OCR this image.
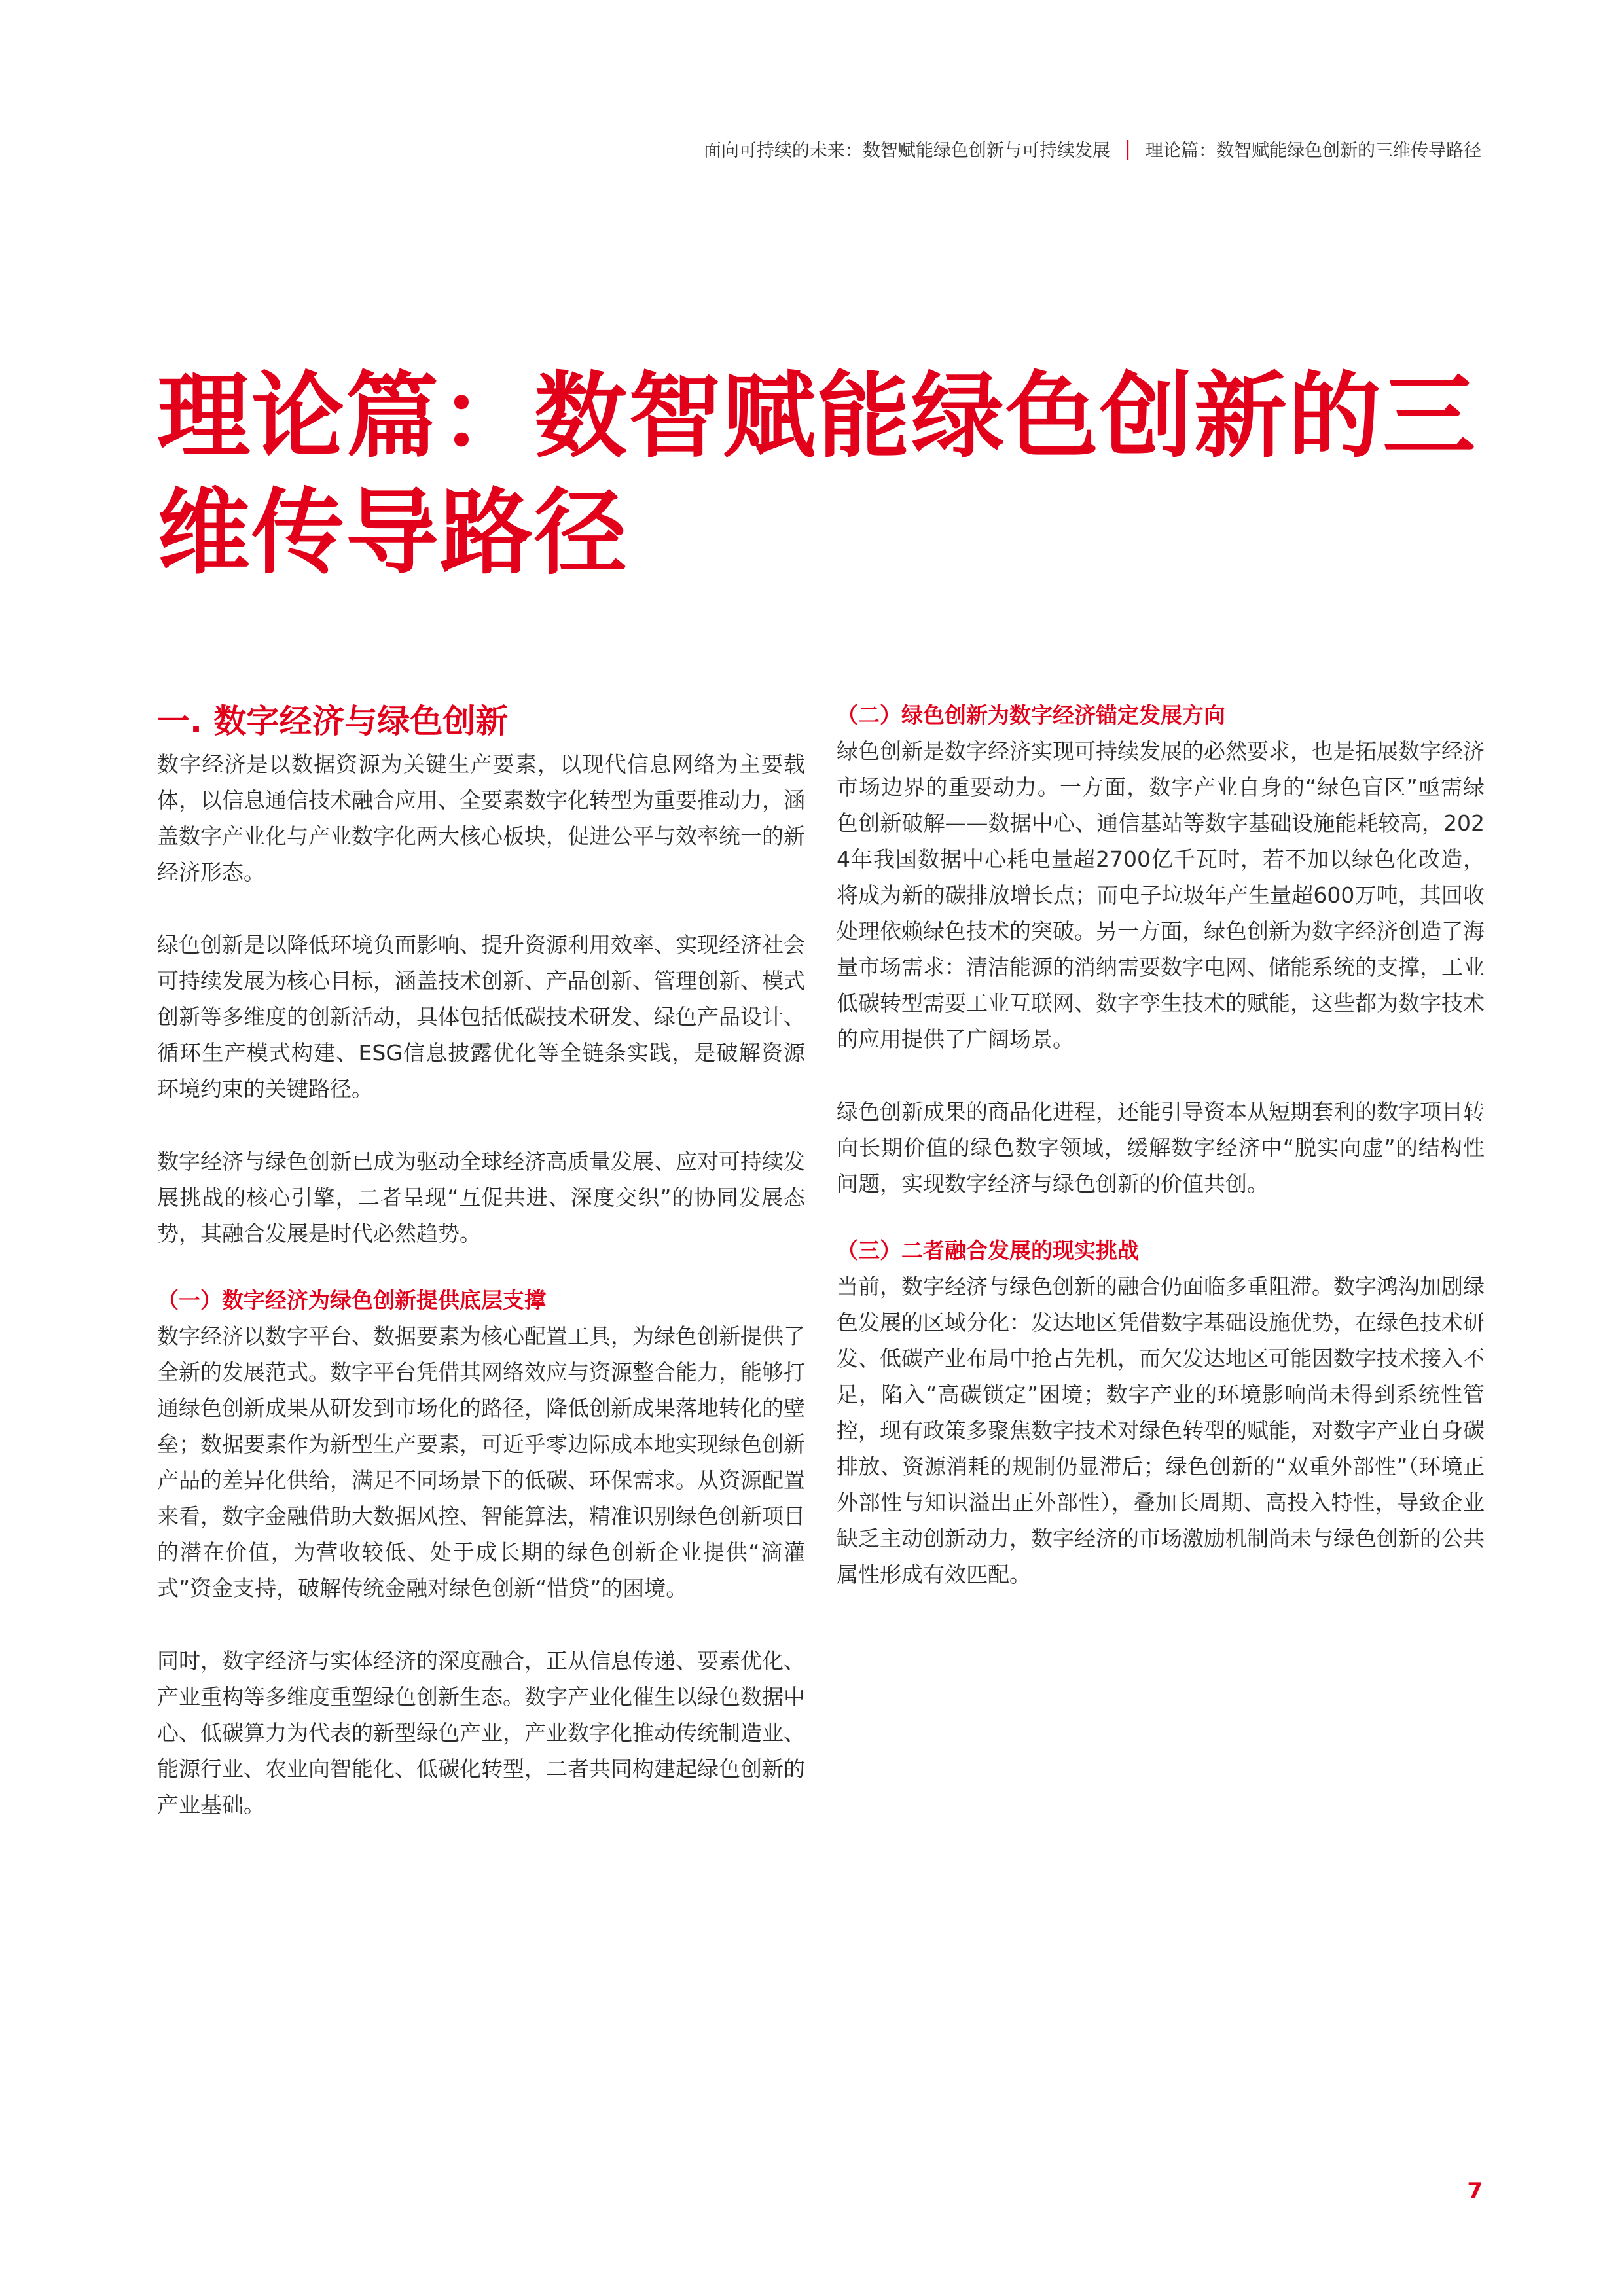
面向可持续的未来：数智赋能绿色创新与可持续发展 | 理论篇：数智赋能绿色创新的三维传导路径
理论篇：数智赋能绿色创新的三维传导路径
一. 数字经济与绿色创新

数字经济是以数据资源为关键生产要素，以现代信息网络为主要载体，以信息通信技术融合应用、全要素数字化转型为重要推动力，涵盖数字产业化与产业数字化两大核心板块，促进公平与效率统一的新经济形态。

绿色创新是以降低环境负面影响、提升资源利用效率、实现经济社会可持续发展为核心目标，涵盖技术创新、产品创新、管理创新、模式创新等多维度的创新活动，具体包括低碳技术研发、绿色产品设计、循环生产模式构建、ESG信息披露优化等全链条实践，是破解资源环境约束的关键路径。

数字经济与绿色创新已成为驱动全球经济高质量发展、应对可持续发展挑战的核心引擎，二者呈现“互促共进、深度交织”的协同发展态势，其融合发展是时代必然趋势。

（一）数字经济为绿色创新提供底层支撑

数字经济以数字平台、数据要素为核心配置工具，为绿色创新提供了全新的发展范式。数字平台凭借其网络效应与资源整合能力，能够打通绿色创新成果从研发到市场化的路径，降低创新成果落地转化的壁垒；数据要素作为新型生产要素，可近乎零边际成本地实现绿色创新产品的差异化供给，满足不同场景下的低碳、环保需求。从资源配置来看，数字金融借助大数据风控、智能算法，精准识别绿色创新项目的潜在价值，为营收较低、处于成长期的绿色创新企业提供“滴灌式”资金支持，破解传统金融对绿色创新“惜贷”的困境。

同时，数字经济与实体经济的深度融合，正从信息传递、要素优化、产业重构等多维度重塑绿色创新生态。数字产业化催生以绿色数据中心、低碳算力为代表的新型绿色产业，产业数字化推动传统制造业、能源行业、农业向智能化、低碳化转型，二者共同构建起绿色创新的产业基础。

（二）绿色创新为数字经济锚定发展方向

绿色创新是数字经济实现可持续发展的必然要求，也是拓展数字经济市场边界的重要动力。一方面，数字产业自身的“绿色盲区”亟需绿色创新破解——数据中心、通信基站等数字基础设施能耗较高，2024年我国数据中心耗电量超2700亿千瓦时，若不加以绿色化改造，将成为新的碳排放增长点；而电子垃圾年产生量超600万吨，其回收处理依赖绿色技术的突破。另一方面，绿色创新为数字经济创造了海量市场需求：清洁能源的消纳需要数字电网、储能系统的支撑，工业低碳转型需要工业互联网、数字孪生技术的赋能，这些都为数字技术的应用提供了广阔场景。

绿色创新成果的商品化进程，还能引导资本从短期套利的数字项目转向长期价值的绿色数字领域，缓解数字经济中“脱实向虚”的结构性问题，实现数字经济与绿色创新的价值共创。

（三）二者融合发展的现实挑战

当前，数字经济与绿色创新的融合仍面临多重阻滞。数字鸿沟加剧绿色发展的区域分化：发达地区凭借数字基础设施优势，在绿色技术研发、低碳产业布局中抢占先机，而欠发达地区可能因数字技术接入不足，陷入“高碳锁定”困境；数字产业的环境影响尚未得到系统性管控，现有政策多聚焦数字技术对绿色转型的赋能，对数字产业自身碳排放、资源消耗的规制仍显滞后；绿色创新的“双重外部性”（环境正外部性与知识溢出正外部性），叠加长周期、高投入特性，导致企业缺乏主动创新动力，数字经济的市场激励机制尚未与绿色创新的公共属性形成有效匹配。

7
